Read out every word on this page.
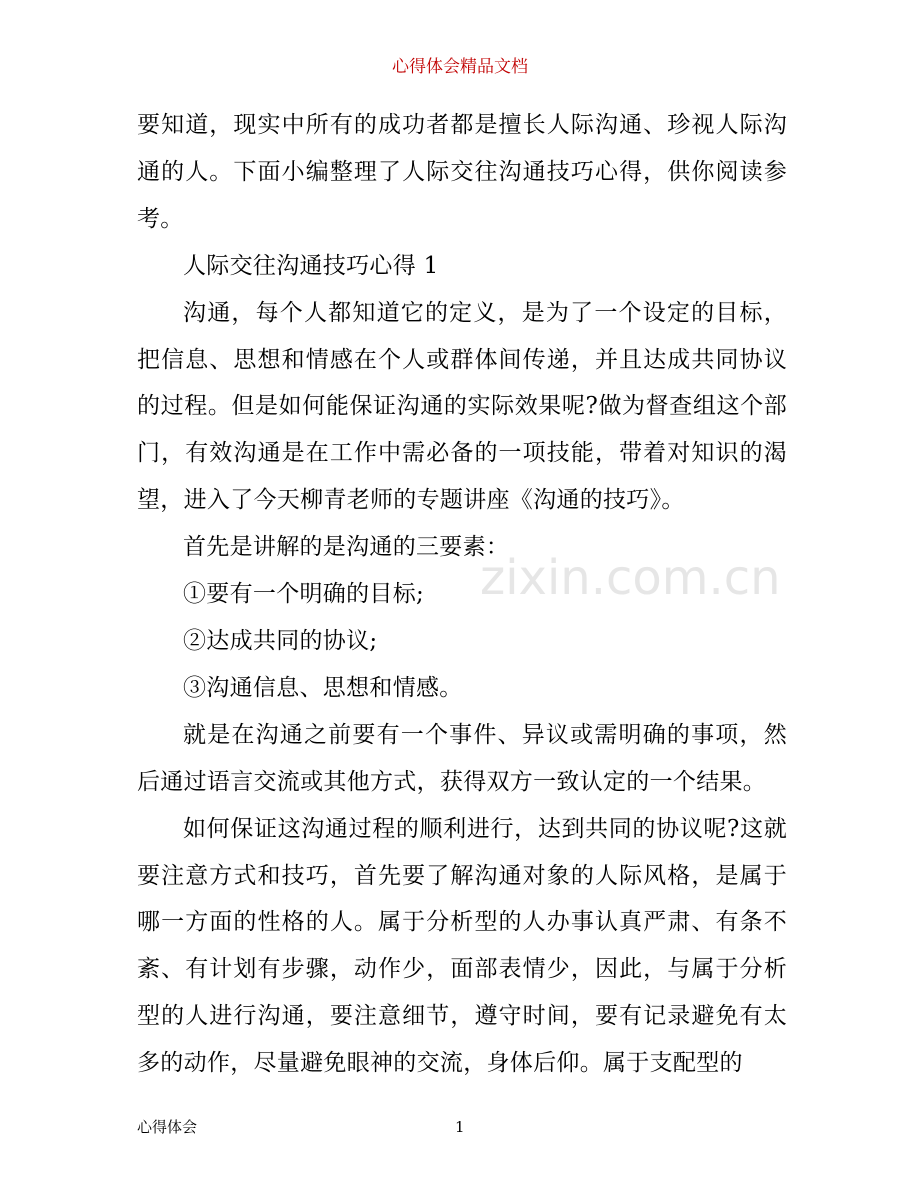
心得体会精品文档
zixin.com.cn

要知道，现实中所有的成功者都是擅长人际沟通、珍视人际沟通的人。下面小编整理了人际交往沟通技巧心得，供你阅读参考。

人际交往沟通技巧心得 1

沟通，每个人都知道它的定义，是为了一个设定的目标，把信息、思想和情感在个人或群体间传递，并且达成共同协议的过程。但是如何能保证沟通的实际效果呢?做为督查组这个部门，有效沟通是在工作中需必备的一项技能，带着对知识的渴望，进入了今天柳青老师的专题讲座《沟通的技巧》。

首先是讲解的是沟通的三要素：

①要有一个明确的目标;

②达成共同的协议;

③沟通信息、思想和情感。

就是在沟通之前要有一个事件、异议或需明确的事项，然后通过语言交流或其他方式，获得双方一致认定的一个结果。

如何保证这沟通过程的顺利进行，达到共同的协议呢?这就要注意方式和技巧，首先要了解沟通对象的人际风格，是属于哪一方面的性格的人。属于分析型的人办事认真严肃、有条不紊、有计划有步骤，动作少，面部表情少，因此，与属于分析型的人进行沟通，要注意细节，遵守时间，要有记录避免有太多的动作，尽量避免眼神的交流，身体后仰。属于支配型的

心得体会	1
